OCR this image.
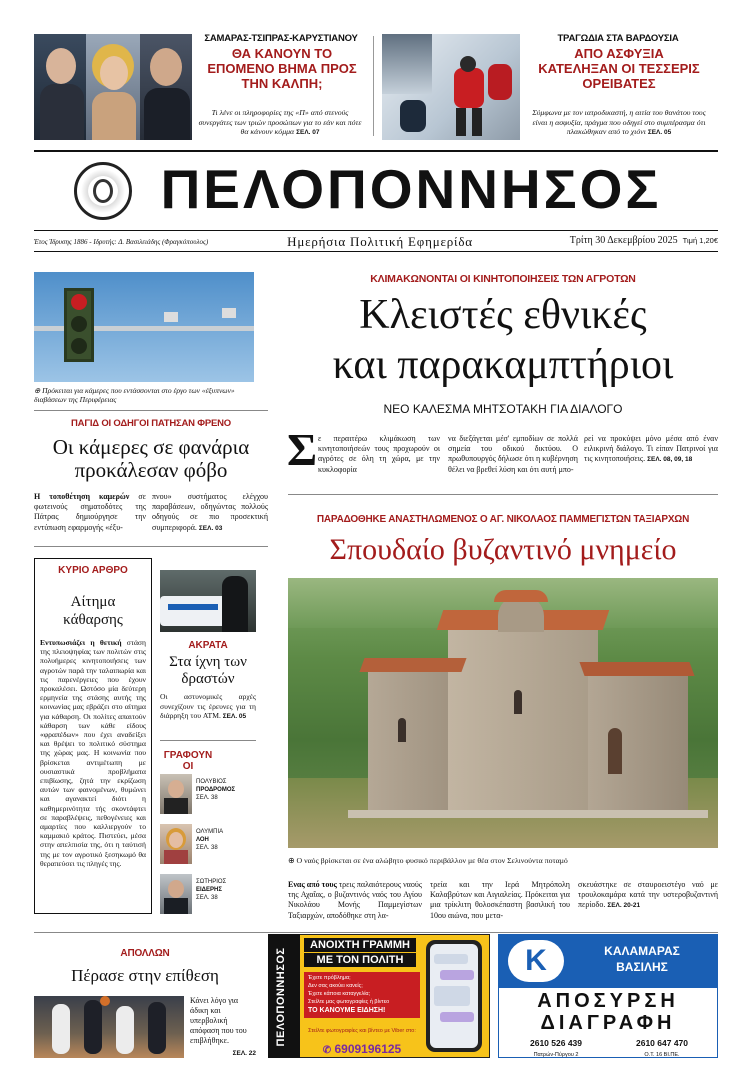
ΣΑΜΑΡΑΣ-ΤΣΙΠΡΑΣ-ΚΑΡΥΣΤΙΑΝΟΥ
ΘΑ ΚΑΝΟΥΝ ΤΟ ΕΠΟΜΕΝΟ ΒΗΜΑ ΠΡΟΣ ΤΗΝ ΚΑΛΠΗ;
Τι λένε οι πληροφορίες της «Π» από στενούς συνεργάτες των τριών προσώπων για το εάν και πότε θα κάνουν κόμμα ΣΕΛ. 07
ΤΡΑΓΩΔΙΑ ΣΤΑ ΒΑΡΔΟΥΣΙΑ
ΑΠΟ ΑΣΦΥΞΙΑ ΚΑΤΕΛΗΞΑΝ ΟΙ ΤΕΣΣΕΡΙΣ ΟΡΕΙΒΑΤΕΣ
Σύμφωνα με τον ιατροδικαστή, η αιτία του θανάτου τους είναι η ασφυξία, πράγμα που οδηγεί στο συμπέρασμα ότι πλακώθηκαν από το χιόνι ΣΕΛ. 05
ΠΕΛΟΠΟΝΝΗΣΟΣ
Έτος Ίδρυσης 1886 - Ιδρυτής: Δ. Βασιλειάδης (Φραγκόπουλος)	Ημερήσια Πολιτική Εφημερίδα	Τρίτη 30 Δεκεμβρίου 2025 Τιμή 1,20€
⊕ Πρόκειται για κάμερες που εντάσσονται στο έργο των «έξυπνων» διαβάσεων της Περιφέρειας
ΠΑΓΙΔ ΟΙ ΟΔΗΓΟΙ ΠΑΤΗΣΑΝ ΦΡΕΝΟ
Οι κάμερες σε φανάρια προκάλεσαν φόβο
Η τοποθέτηση καμερών σε φωτεινούς σηματοδότες της Πάτρας δημιούργησε την εντύπωση εφαρμογής «έξυ-
πνου» συστήματος ελέγχου παραβάσεων, οδηγώντας πολλούς οδηγούς σε πιο προσεκτική συμπεριφορά. ΣΕΛ. 03
ΚΛΙΜΑΚΩΝΟΝΤΑΙ ΟΙ ΚΙΝΗΤΟΠΟΙΗΣΕΙΣ ΤΩΝ ΑΓΡΟΤΩΝ
Κλειστές εθνικές
και παρακαμπτήριοι
ΝΕΟ ΚΑΛΕΣΜΑ ΜΗΤΣΟΤΑΚΗ ΓΙΑ ΔΙΑΛΟΓΟ
Σ ε περαιτέρω κλιμάκωση των κινητοποιήσεών τους προχωρούν οι αγρότες σε όλη τη χώρα, με την κυκλοφορία
να διεξάγεται μέσ' εμποδίων σε πολλά σημεία του οδικού δικτύου. Ο πρωθυπουργός δήλωσε ότι η κυβέρνηση θέλει να βρεθεί λύση και ότι αυτή μπο-
ρεί να προκύψει μόνο μέσα από έναν ειλικρινή διάλογο. Τι είπαν Πατρινοί για τις κινητοποιήσεις. ΣΕΛ. 08, 09, 18
ΚΥΡΙΟ ΑΡΘΡΟ
Αίτημα
κάθαρσης
Εντυπωσιάζει η θετική στάση της πλειοψηφίας των πολιτών στις πολυήμερες κινητοποιήσεις των αγροτών παρά την ταλαιπωρία και τις παρενέργειες που έχουν προκαλέσει. Ωστόσο μία δεύτερη ερμηνεία της στάσης αυτής της κοινωνίας μας εβράζει στο αίτημα για κάθαρση. Οι πολίτες απαιτούν κάθαρση των κάθε είδους «φραπέδων» που έχει αναδείξει και θρέψει το πολιτικό σύστημα της χώρας μας. Η κοινωνία που βρίσκεται αντιμέτωπη με ουσιαστικά προβλήματα επιβίωσης, ζητά την εκρίζωση αυτών των φαινομένων, θυμώνει και αγανακτεί διότι η καθημερινότητα τής σκοντάφτει σε παραβλέψεις, πεθογένειες και αμαρτίες που καλλιεργούν το καμμακιό κράτος. Πιστεύει, μέσα στην απελπισία της, ότι η ταύτισή της με τον αγροτικό ξεσηκωμό θα θεραπεύσει τις πληγές της.
ΑΚΡΑΤΑ
Στα ίχνη των δραστών
Οι αστυνομικές αρχές συνεχίζουν τις έρευνες για τη διάρρηξη του ATM. ΣΕΛ. 05
ΓΡΑΦΟΥΝ ΟΙ
ΠΟΛΥΒΙΟΣ
ΠΡΟΔΡΟΜΟΣ
ΣΕΛ. 38
ΟΛΥΜΠΙΑ
ΛΟΗ
ΣΕΛ. 38
ΣΩΤΗΡΙΟΣ
ΕΙΔΕΡΗΣ
ΣΕΛ. 38
ΠΑΡΑΔΟΘΗΚΕ ΑΝΑΣΤΗΛΩΜΕΝΟΣ Ο ΑΓ. ΝΙΚΟΛΑΟΣ ΠΑΜΜΕΓΙΣΤΩΝ ΤΑΞΙΑΡΧΩΝ
Σπουδαίο βυζαντινό μνημείο
⊕ Ο ναός βρίσκεται σε ένα αλώβητο φυσικό περιβάλλον με θέα στον Σελινούντα ποταμό
Ενας από τους τρεις παλαιότερους ναούς της Αχαΐας, ο βυζαντινός ναός του Αγίου Νικολάου Μονής Παμμεγίστων Ταξιαρχών, αποδόθηκε στη λα-
τρεία και την Ιερά Μητρόπολη Καλαβρύτων και Αιγιαλείας. Πρόκειται για μια τρίκλιτη θολοσκέπαστη βασιλική του 10ου αιώνα, που μετα-
σκευάστηκε σε σταυροειστέγο ναό με τρουλοκαμάρα κατά την υστεροβυζαντινή περίοδο. ΣΕΛ. 20-21
ΑΠΟΛΛΩΝ
Πέρασε στην επίθεση
Κάνει λόγο για άδικη και υπερβολική απόφαση που του επιβλήθηκε.
ΣΕΛ. 22
ΠΕΛΟΠΟΝΝΗΣΟΣ
ΑΝΟΙΧΤΗ ΓΡΑΜΜΗ
ΜΕ ΤΟΝ ΠΟΛΙΤΗ
Έχετε πρόβλημα;
Δεν σας ακούει κανείς;
Έχετε κάποια καταγγελία;
Στείλτε μας φωτογραφίες ή βίντεο
ΤΟ ΚΑΝΟΥΜΕ ΕΙΔΗΣΗ!
Στείλτε φωτογραφίες και βίντεο με Viber στο:
✆ 6909196125
K	ΚΑΛΑΜΑΡΑΣ
ΒΑΣΙΛΗΣ
ΑΠΟΣΥΡΣΗ
ΔΙΑΓΡΑΦΗ
2610 526 439
Πατρών-Πύργου 2
2610 647 470
Ο.Τ. 16 ΒΙ.ΠΕ.
